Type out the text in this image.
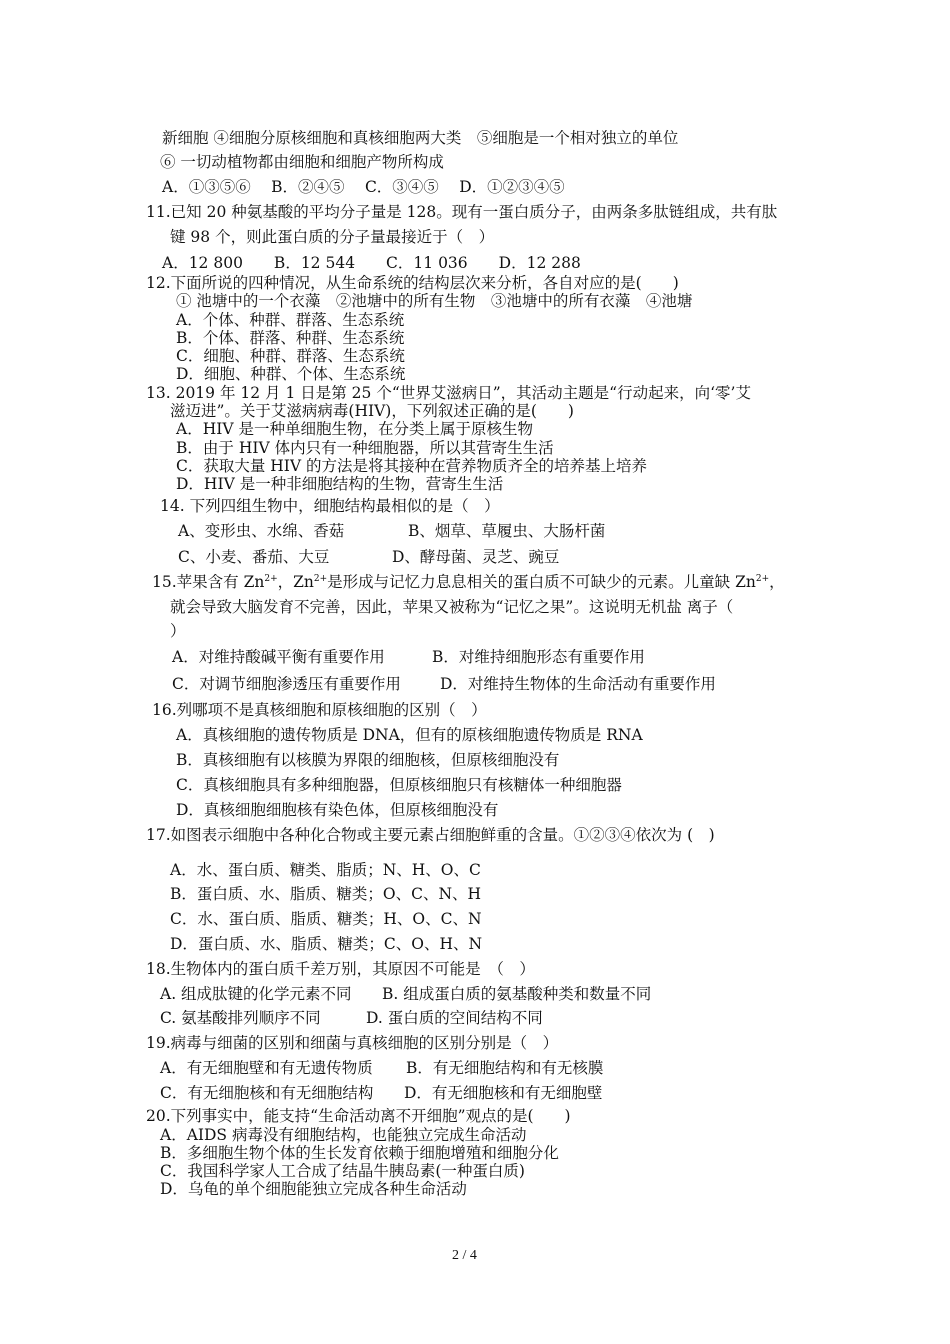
新细胞 ④细胞分原核细胞和真核细胞两大类　⑤细胞是一个相对独立的单位
⑥ 一切动植物都由细胞和细胞产物所构成
A．①③⑤⑥　 B．②④⑤　 C．③④⑤　 D．①②③④⑤
11.已知 20 种氨基酸的平均分子量是 128。现有一蛋白质分子，由两条多肽链组成，共有肽
键 98 个，则此蛋白质的分子量最接近于（　）
A．12 800　　B．12 544　　C．11 036　　D．12 288
12.下面所说的四种情况，从生命系统的结构层次来分析，各自对应的是(　　)
① 池塘中的一个衣藻　②池塘中的所有生物　③池塘中的所有衣藻　④池塘
A．个体、种群、群落、生态系统
B．个体、群落、种群、生态系统
C．细胞、种群、群落、生态系统
D．细胞、种群、个体、生态系统
13. 2019 年 12 月 1 日是第 25 个“世界艾滋病日”，其活动主题是“行动起来，向‘零’艾
滋迈进”。关于艾滋病病毒(HIV)，下列叙述正确的是(　　)
A．HIV 是一种单细胞生物，在分类上属于原核生物
B．由于 HIV 体内只有一种细胞器，所以其营寄生生活
C．获取大量 HIV 的方法是将其接种在营养物质齐全的培养基上培养
D．HIV 是一种非细胞结构的生物，营寄生生活
14. 下列四组生物中，细胞结构最相似的是（　）
A、变形虫、水绵、香菇	B、烟草、草履虫、大肠杆菌
C、小麦、番茄、大豆	D、酵母菌、灵芝、豌豆
15.苹果含有 $Zn^{2+}$，$Zn^{2+}$是形成与记忆力息息相关的蛋白质不可缺少的元素。儿童缺 $Zn^{2+}$，
就会导致大脑发育不完善，因此，苹果又被称为“记忆之果”。这说明无机盐 离子（
）
A．对维持酸碱平衡有重要作用	B．对维持细胞形态有重要作用
C．对调节细胞渗透压有重要作用	D．对维持生物体的生命活动有重要作用
16.列哪项不是真核细胞和原核细胞的区别（　）
A．真核细胞的遗传物质是 DNA，但有的原核细胞遗传物质是 RNA
B．真核细胞有以核膜为界限的细胞核，但原核细胞没有
C．真核细胞具有多种细胞器，但原核细胞只有核糖体一种细胞器
D．真核细胞细胞核有染色体，但原核细胞没有
17.如图表示细胞中各种化合物或主要元素占细胞鲜重的含量。①②③④依次为 (　)
A．水、蛋白质、糖类、脂质；N、H、O、C
B．蛋白质、水、脂质、糖类；O、C、N、H
C．水、蛋白质、脂质、糖类；H、O、C、N
D．蛋白质、水、脂质、糖类；C、O、H、N
18.生物体内的蛋白质千差万别，其原因不可能是　（　）
A. 组成肽键的化学元素不同 B. 组成蛋白质的氨基酸种类和数量不同
C. 氨基酸排列顺序不同	D. 蛋白质的空间结构不同
19.病毒与细菌的区别和细菌与真核细胞的区别分别是（　）
A．有无细胞壁和有无遗传物质 B．有无细胞结构和有无核膜
C．有无细胞核和有无细胞结构 D．有无细胞核和有无细胞壁
20.下列事实中，能支持“生命活动离不开细胞”观点的是(　　)
A．AIDS 病毒没有细胞结构，也能独立完成生命活动
B．多细胞生物个体的生长发育依赖于细胞增殖和细胞分化
C．我国科学家人工合成了结晶牛胰岛素(一种蛋白质)
D．乌龟的单个细胞能独立完成各种生命活动
2 / 4
